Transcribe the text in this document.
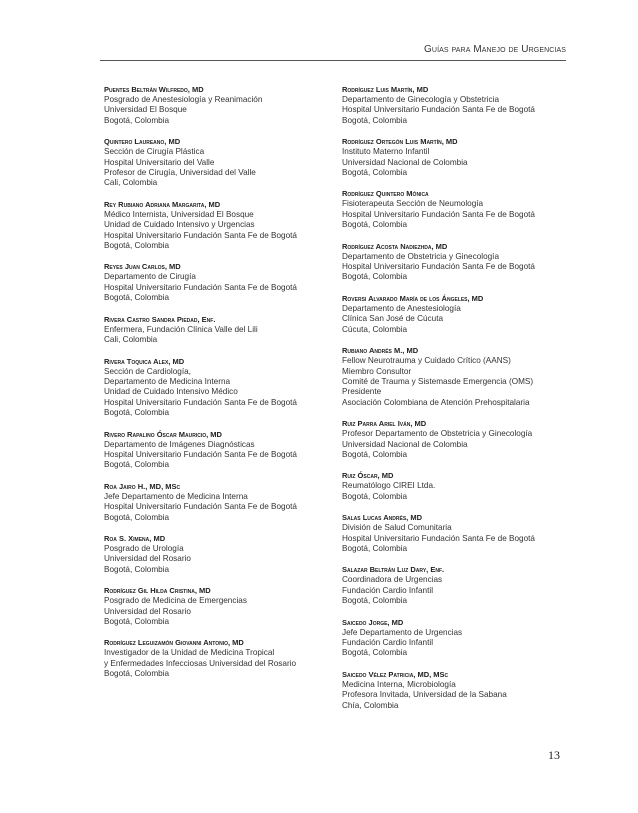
Guías para Manejo de Urgencias
Puentes Beltrán Wilfredo, MD
Posgrado de Anestesiología y Reanimación
Universidad El Bosque
Bogotá, Colombia
Quintero Laureano, MD
Sección de Cirugía Plástica
Hospital Universitario del Valle
Profesor de Cirugía, Universidad del Valle
Cali, Colombia
Rey Rubiano Adriana Margarita, MD
Médico Internista, Universidad El Bosque
Unidad de Cuidado Intensivo y Urgencias
Hospital Universitario Fundación Santa Fe de Bogotá
Bogotá, Colombia
Reyes Juan Carlos, MD
Departamento de Cirugía
Hospital Universitario Fundación Santa Fe de Bogotá
Bogotá, Colombia
Rivera Castro Sandra Piedad, Enf.
Enfermera, Fundación Clínica Valle del Lili
Cali, Colombia
Rivera Toquica Alex, MD
Sección de Cardiología,
Departamento de Medicina Interna
Unidad de Cuidado Intensivo Médico
Hospital Universitario Fundación Santa Fe de Bogotá
Bogotá, Colombia
Rivero Rapalino Óscar Mauricio, MD
Departamento de Imágenes Diagnósticas
Hospital Universitario Fundación Santa Fe de Bogotá
Bogotá, Colombia
Roa Jairo H., MD, MSc
Jefe Departamento de Medicina Interna
Hospital Universitario Fundación Santa Fe de Bogotá
Bogotá, Colombia
Roa S. Ximena, MD
Posgrado de Urología
Universidad del Rosario
Bogotá, Colombia
Rodríguez Gil Hilda Cristina, MD
Posgrado de Medicina de Emergencias
Universidad del Rosario
Bogotá, Colombia
Rodríguez Leguizamón Giovanni Antonio, MD
Investigador de la Unidad de Medicina Tropical
y Enfermedades Infecciosas Universidad del Rosario
Bogotá, Colombia
Rodríguez Luis Martín, MD
Departamento de Ginecología y Obstetricia
Hospital Universitario Fundación Santa Fe de Bogotá
Bogotá, Colombia
Rodríguez Ortegón Luis Martín, MD
Instituto Materno Infantil
Universidad Nacional de Colombia
Bogotá, Colombia
Rodríguez Quintero Mónica
Fisioterapeuta Sección de Neumología
Hospital Universitario Fundación Santa Fe de Bogotá
Bogotá, Colombia
Rodríguez Acosta Nadiezhda, MD
Departamento de Obstetricia y Ginecología
Hospital Universitario Fundación Santa Fe de Bogotá
Bogotá, Colombia
Roversi Alvarado María de los Ángeles, MD
Departamento de Anestesiología
Clínica San José de Cúcuta
Cúcuta, Colombia
Rubiano Andrés M., MD
Fellow Neurotrauma y Cuidado Crítico (AANS)
Miembro Consultor
Comité de Trauma y Sistemasde Emergencia (OMS)
Presidente
Asociación Colombiana de Atención Prehospitalaria
Ruiz Parra Ariel Iván, MD
Profesor Departamento de Obstetricia y Ginecología
Universidad Nacional de Colombia
Bogotá, Colombia
Ruiz Óscar, MD
Reumatólogo CIREI Ltda.
Bogotá, Colombia
Salas Lucas Andrés, MD
División de Salud Comunitaria
Hospital Universitario Fundación Santa Fe de Bogotá
Bogotá, Colombia
Salazar Beltrán Luz Dary, Enf.
Coordinadora de Urgencias
Fundación Cardio Infantil
Bogotá, Colombia
Saicedo Jorge, MD
Jefe Departamento de Urgencias
Fundación Cardio Infantil
Bogotá, Colombia
Saicedo Vélez Patricia, MD, MSc
Medicina Interna, Microbiología
Profesora Invitada, Universidad de la Sabana
Chía, Colombia
13
